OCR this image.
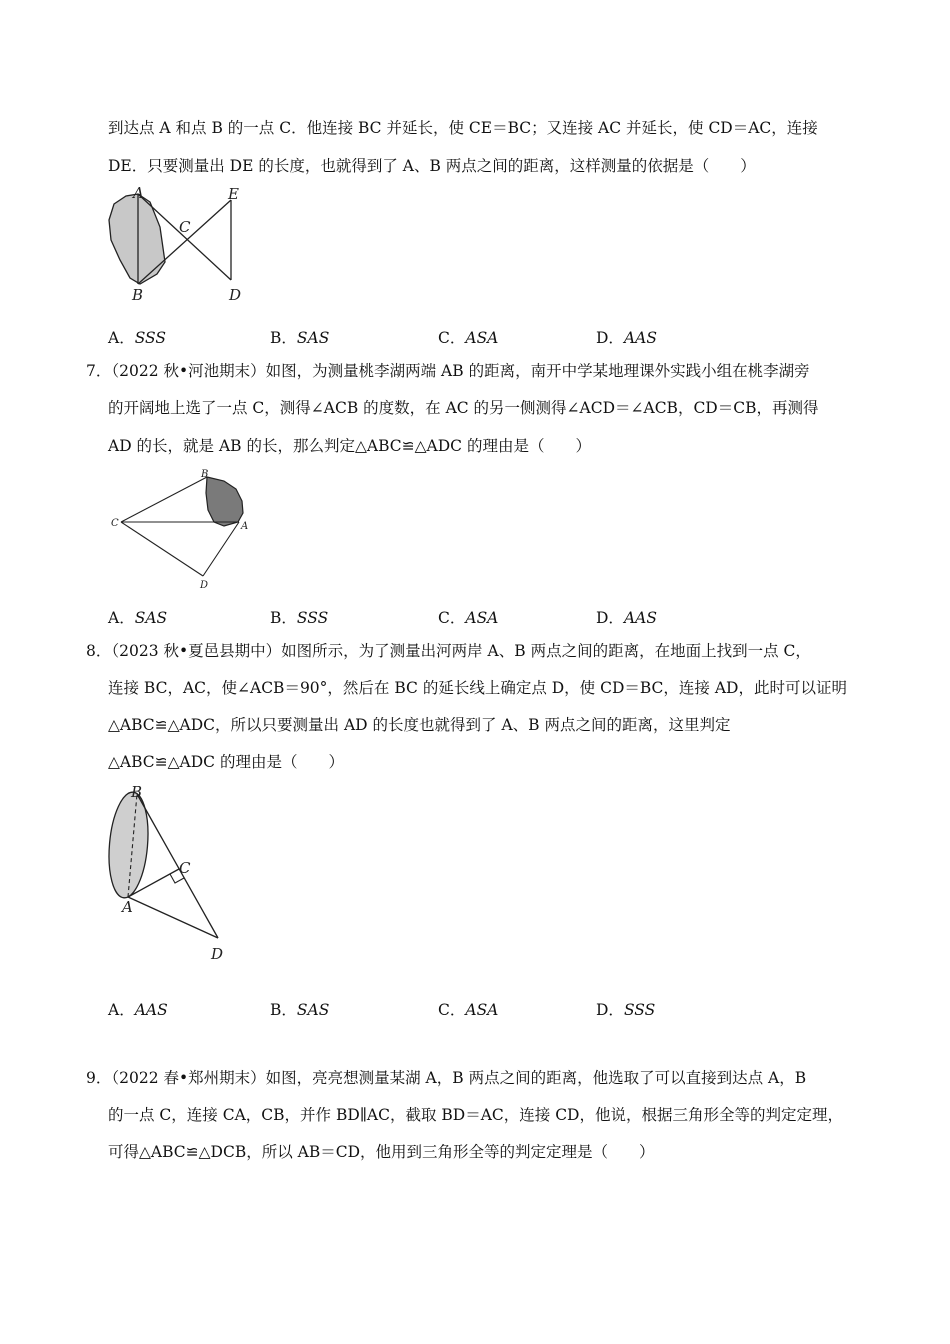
到达点 A 和点 B 的一点 C．他连接 BC 并延长，使 CE＝BC；又连接 AC 并延长，使 CD＝AC，连接
DE．只要测量出 DE 的长度，也就得到了 A、B 两点之间的距离，这样测量的依据是（　　）
A
B
C
D
E
A．SSS	B．SAS	C．ASA	D．AAS
7．（2022 秋•河池期末）如图，为测量桃李湖两端 AB 的距离，南开中学某地理课外实践小组在桃李湖旁
的开阔地上选了一点 C，测得∠ACB 的度数，在 AC 的另一侧测得∠ACD＝∠ACB，CD＝CB，再测得
AD 的长，就是 AB 的长，那么判定△ABC≌△ADC 的理由是（　　）
B
C	A
D
A．SAS	B．SSS	C．ASA	D．AAS
8．（2023 秋•夏邑县期中）如图所示，为了测量出河两岸 A、B 两点之间的距离，在地面上找到一点 C，
连接 BC，AC，使∠ACB＝90°，然后在 BC 的延长线上确定点 D，使 CD＝BC，连接 AD，此时可以证明
△ABC≌△ADC，所以只要测量出 AD 的长度也就得到了 A、B 两点之间的距离，这里判定
△ABC≌△ADC 的理由是（　　）
B
C
A
D
A．AAS	B．SAS	C．ASA	D．SSS
9．（2022 春•郑州期末）如图，亮亮想测量某湖 A，B 两点之间的距离，他选取了可以直接到达点 A，B
的一点 C，连接 CA，CB，并作 BD∥AC，截取 BD＝AC，连接 CD，他说，根据三角形全等的判定定理，
可得△ABC≌△DCB，所以 AB＝CD，他用到三角形全等的判定定理是（　　）
